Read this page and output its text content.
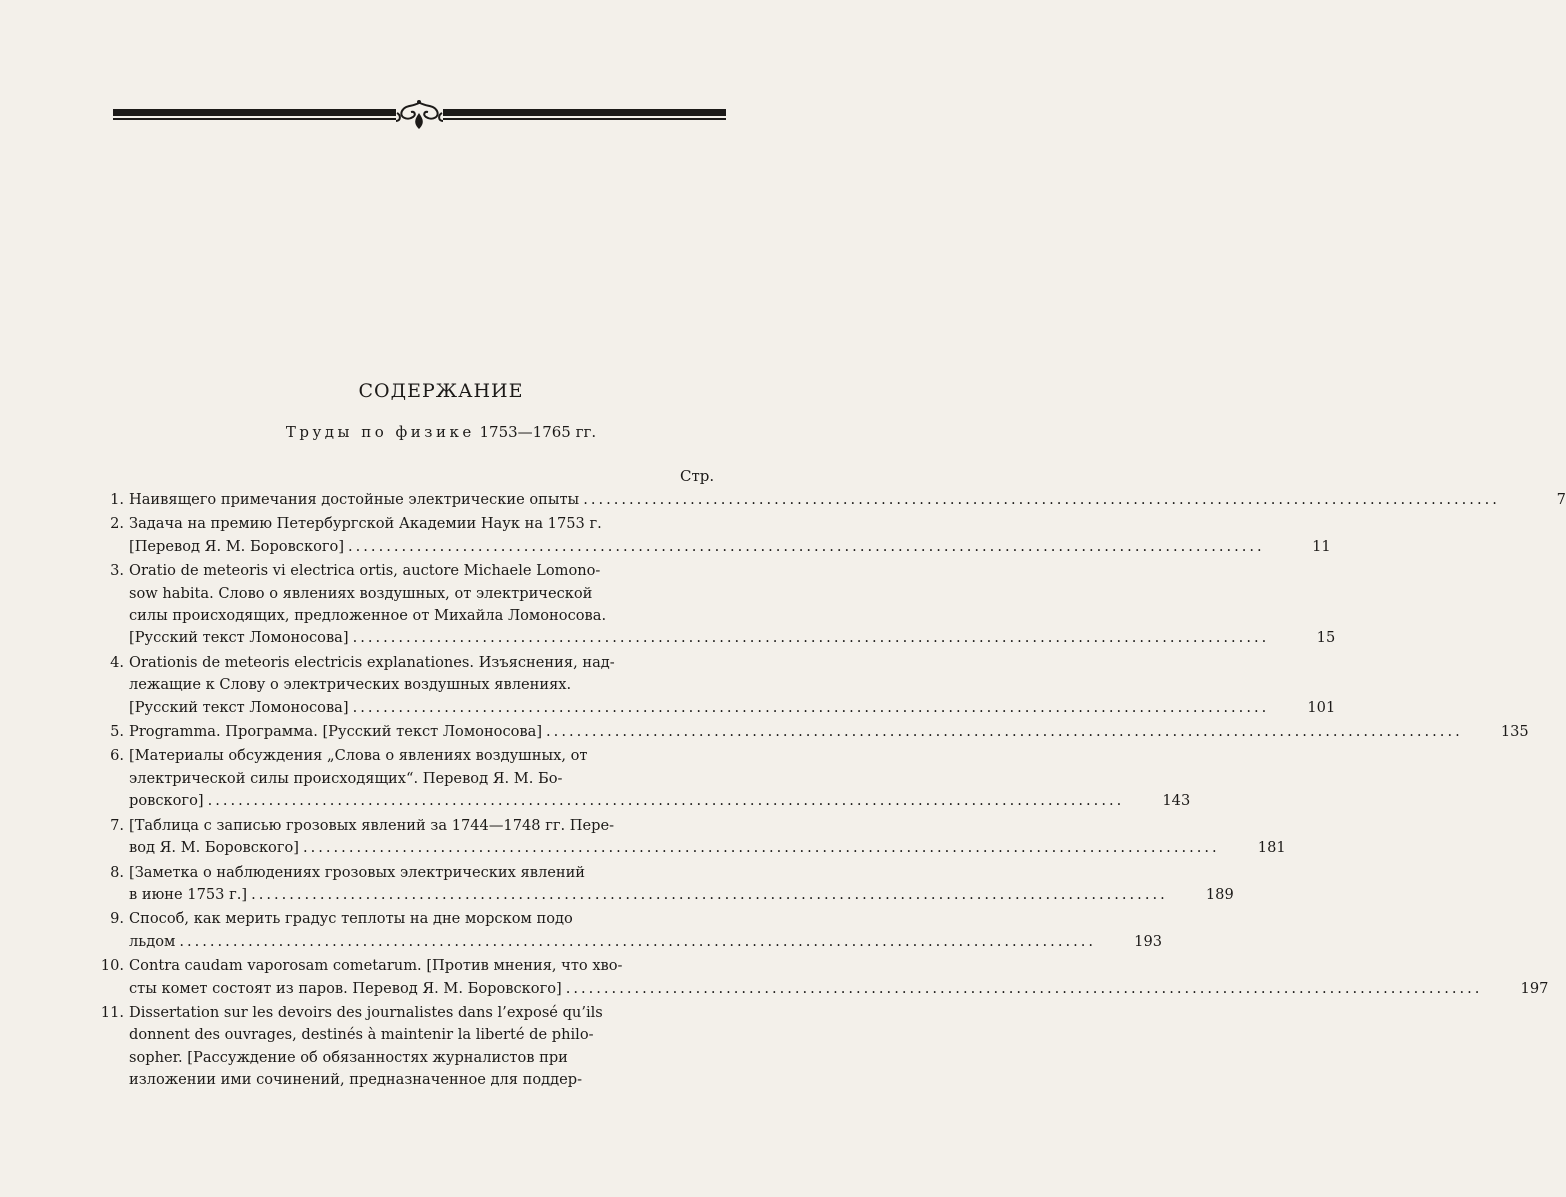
СОДЕРЖАНИЕ
Труды по физике 1753—1765 гг.
Стр.
1. Наивящего примечания достойные электрические опыты ........................................................................................................................	7
2. Задача на премию Петербургской Академии Наук на 1753 г.
[Перевод Я. М. Боровского] ........................................................................................................................	11
3. Oratio de meteoris vi electrica ortis, auctore Michaele Lomono-
sow habita. Слово о явлениях воздушных, от электрической
силы происходящих, предложенное от Михайла Ломоносова.
[Русский текст Ломоносова] ........................................................................................................................	15
4. Orationis de meteoris electricis explanationes. Изъяснения, над-
лежащие к Слову о электрических воздушных явлениях.
[Русский текст Ломоносова] ........................................................................................................................	101
5. Programma. Программа. [Русский текст Ломоносова] ........................................................................................................................	135
6. [Материалы обсуждения „Слова о явлениях воздушных, от
электрической силы происходящих“. Перевод Я. М. Бо-
ровского] ........................................................................................................................	143
7. [Таблица с записью грозовых явлений за 1744—1748 гг. Пере-
вод Я. М. Боровского] ........................................................................................................................	181
8. [Заметка о наблюдениях грозовых электрических явлений
в июне 1753 г.] ........................................................................................................................	189
9. Способ, как мерить градус теплоты на дне морском подо
льдом ........................................................................................................................	193
10. Contra caudam vaporosam cometarum. [Против мнения, что хво-
сты комет состоят из паров. Перевод Я. М. Боровского] ........................................................................................................................	197
11. Dissertation sur les devoirs des journalistes dans l’exposé qu’ils
donnent des ouvrages, destinés à maintenir la liberté de philo-
sopher. [Рассуждение об обязанностях журналистов при
изложении ими сочинений, предназначенное для поддер-
